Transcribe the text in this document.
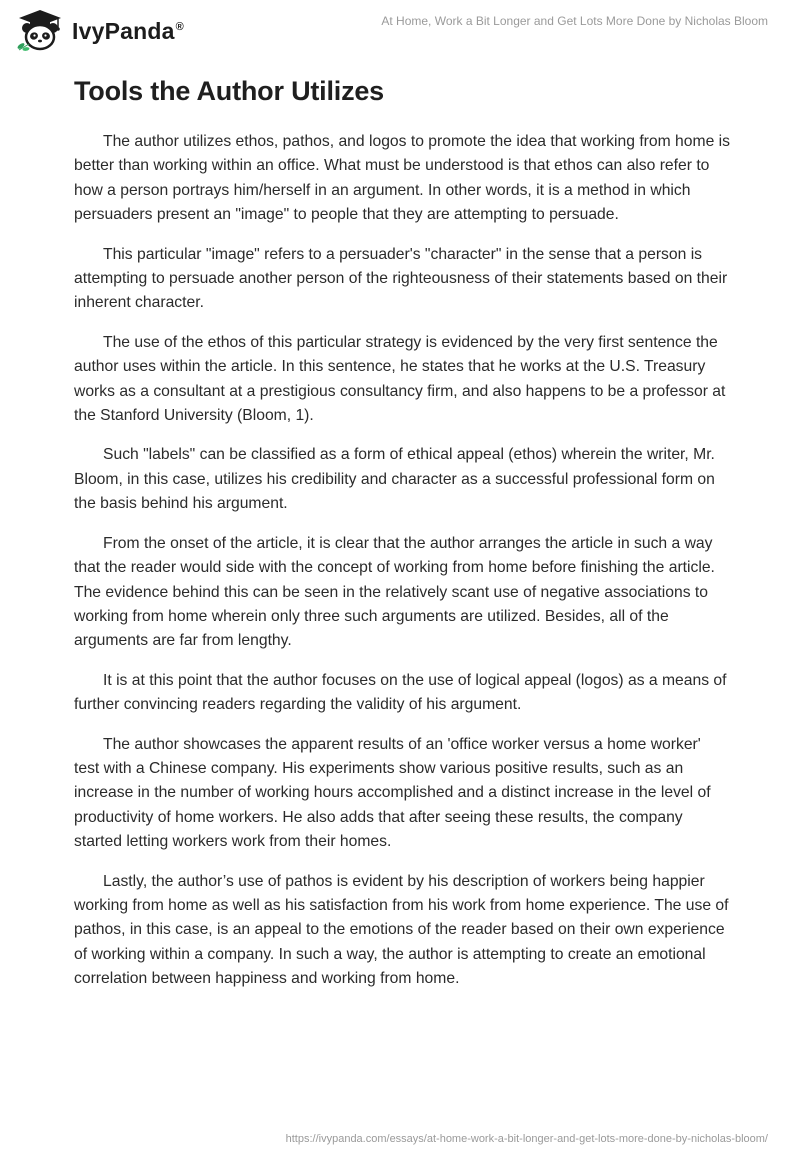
IvyPanda®	At Home, Work a Bit Longer and Get Lots More Done by Nicholas Bloom
Tools the Author Utilizes

The author utilizes ethos, pathos, and logos to promote the idea that working from home is better than working within an office. What must be understood is that ethos can also refer to how a person portrays him/herself in an argument. In other words, it is a method in which persuaders present an "image" to people that they are attempting to persuade.

This particular "image" refers to a persuader's "character" in the sense that a person is attempting to persuade another person of the righteousness of their statements based on their inherent character.

The use of the ethos of this particular strategy is evidenced by the very first sentence the author uses within the article. In this sentence, he states that he works at the U.S. Treasury works as a consultant at a prestigious consultancy firm, and also happens to be a professor at the Stanford University (Bloom, 1).

Such "labels" can be classified as a form of ethical appeal (ethos) wherein the writer, Mr. Bloom, in this case, utilizes his credibility and character as a successful professional form on the basis behind his argument.

From the onset of the article, it is clear that the author arranges the article in such a way that the reader would side with the concept of working from home before finishing the article. The evidence behind this can be seen in the relatively scant use of negative associations to working from home wherein only three such arguments are utilized. Besides, all of the arguments are far from lengthy.

It is at this point that the author focuses on the use of logical appeal (logos) as a means of further convincing readers regarding the validity of his argument.

The author showcases the apparent results of an 'office worker versus a home worker' test with a Chinese company. His experiments show various positive results, such as an increase in the number of working hours accomplished and a distinct increase in the level of productivity of home workers. He also adds that after seeing these results, the company started letting workers work from their homes.

Lastly, the author’s use of pathos is evident by his description of workers being happier working from home as well as his satisfaction from his work from home experience. The use of pathos, in this case, is an appeal to the emotions of the reader based on their own experience of working within a company. In such a way, the author is attempting to create an emotional correlation between happiness and working from home.

https://ivypanda.com/essays/at-home-work-a-bit-longer-and-get-lots-more-done-by-nicholas-bloom/
